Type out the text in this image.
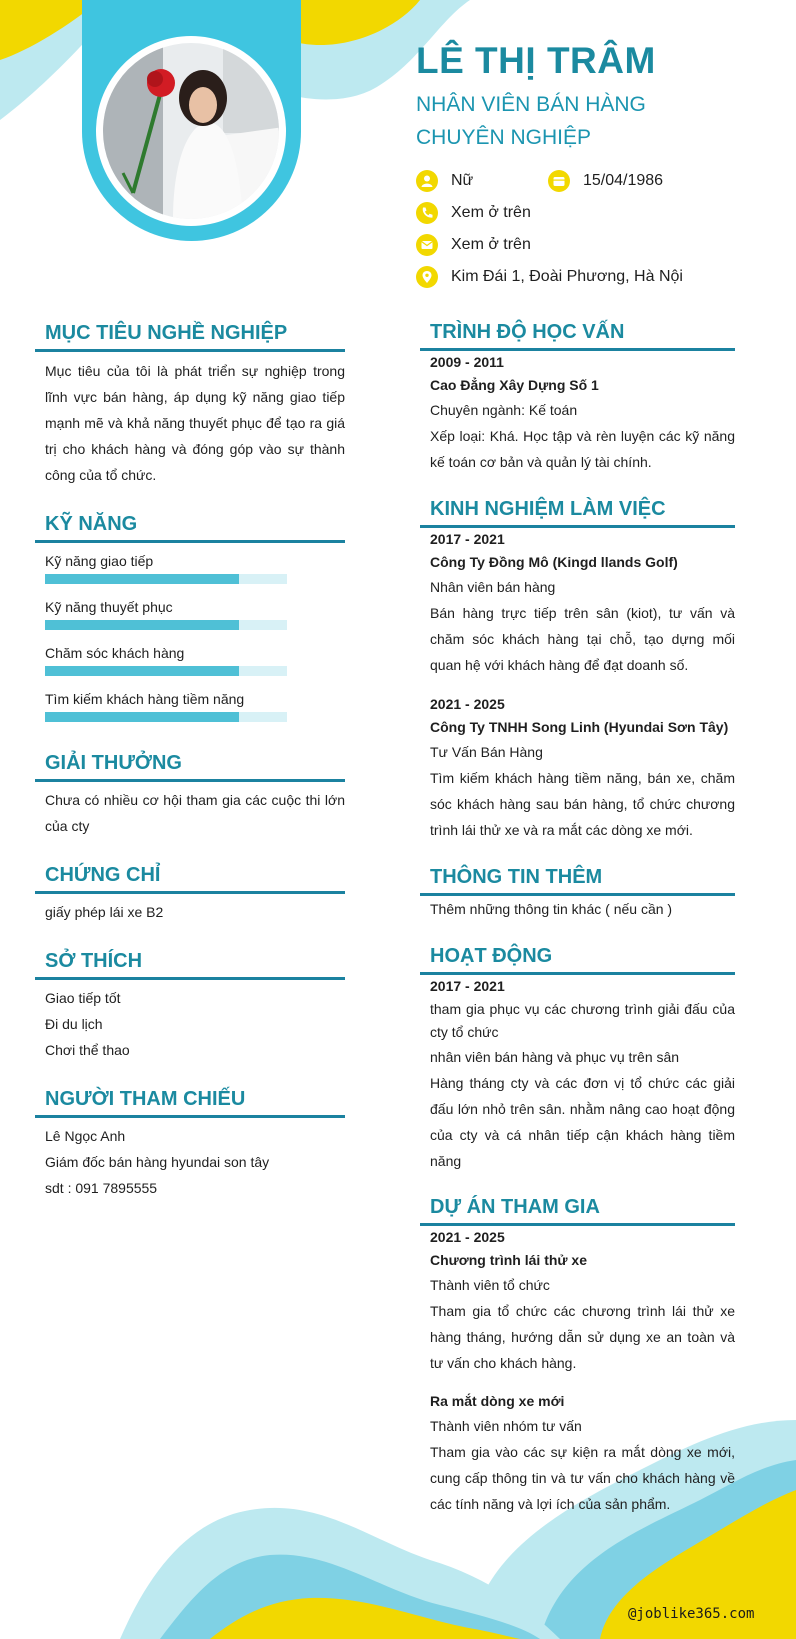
LÊ THỊ TRÂM
NHÂN VIÊN BÁN HÀNG CHUYÊN NGHIỆP
Nữ	15/04/1986
Xem ở trên
Xem ở trên
Kim Đái 1, Đoài Phương, Hà Nội
MỤC TIÊU NGHỀ NGHIỆP
Mục tiêu của tôi là phát triển sự nghiệp trong lĩnh vực bán hàng, áp dụng kỹ năng giao tiếp mạnh mẽ và khả năng thuyết phục để tạo ra giá trị cho khách hàng và đóng góp vào sự thành công của tổ chức.
KỸ NĂNG
Kỹ năng giao tiếp
Kỹ năng thuyết phục
Chăm sóc khách hàng
Tìm kiếm khách hàng tiềm năng
GIẢI THƯỞNG
Chưa có nhiều cơ hội tham gia các cuộc thi lớn của cty
CHỨNG CHỈ
giấy phép lái xe B2
SỞ THÍCH
Giao tiếp tốt
Đi du lịch
Chơi thể thao
NGƯỜI THAM CHIẾU
Lê Ngọc Anh
Giám đốc bán hàng hyundai son tây
sdt : 091 7895555
TRÌNH ĐỘ HỌC VẤN
2009 - 2011
Cao Đẳng Xây Dựng Số 1
Chuyên ngành: Kế toán
Xếp loại: Khá. Học tập và rèn luyện các kỹ năng kế toán cơ bản và quản lý tài chính.
KINH NGHIỆM LÀM VIỆC
2017 - 2021
Công Ty Đồng Mô (Kingd llands Golf)
Nhân viên bán hàng
Bán hàng trực tiếp trên sân (kiot), tư vấn và chăm sóc khách hàng tại chỗ, tạo dựng mối quan hệ với khách hàng để đạt doanh số.
2021 - 2025
Công Ty TNHH Song Linh (Hyundai Sơn Tây)
Tư Vấn Bán Hàng
Tìm kiếm khách hàng tiềm năng, bán xe, chăm sóc khách hàng sau bán hàng, tổ chức chương trình lái thử xe và ra mắt các dòng xe mới.
THÔNG TIN THÊM
Thêm những thông tin khác ( nếu cần )
HOẠT ĐỘNG
2017 - 2021
tham gia phục vụ các chương trình giải đấu của cty tổ chức
nhân viên bán hàng và phục vụ trên sân
Hàng tháng cty và các đơn vị tổ chức các giải đấu lớn nhỏ trên sân. nhằm nâng cao hoạt động của cty và cá nhân tiếp cận khách hàng tiềm năng
DỰ ÁN THAM GIA
2021 - 2025
Chương trình lái thử xe
Thành viên tổ chức
Tham gia tổ chức các chương trình lái thử xe hàng tháng, hướng dẫn sử dụng xe an toàn và tư vấn cho khách hàng.
Ra mắt dòng xe mới
Thành viên nhóm tư vấn
Tham gia vào các sự kiện ra mắt dòng xe mới, cung cấp thông tin và tư vấn cho khách hàng về các tính năng và lợi ích của sản phẩm.
@joblike365.com
